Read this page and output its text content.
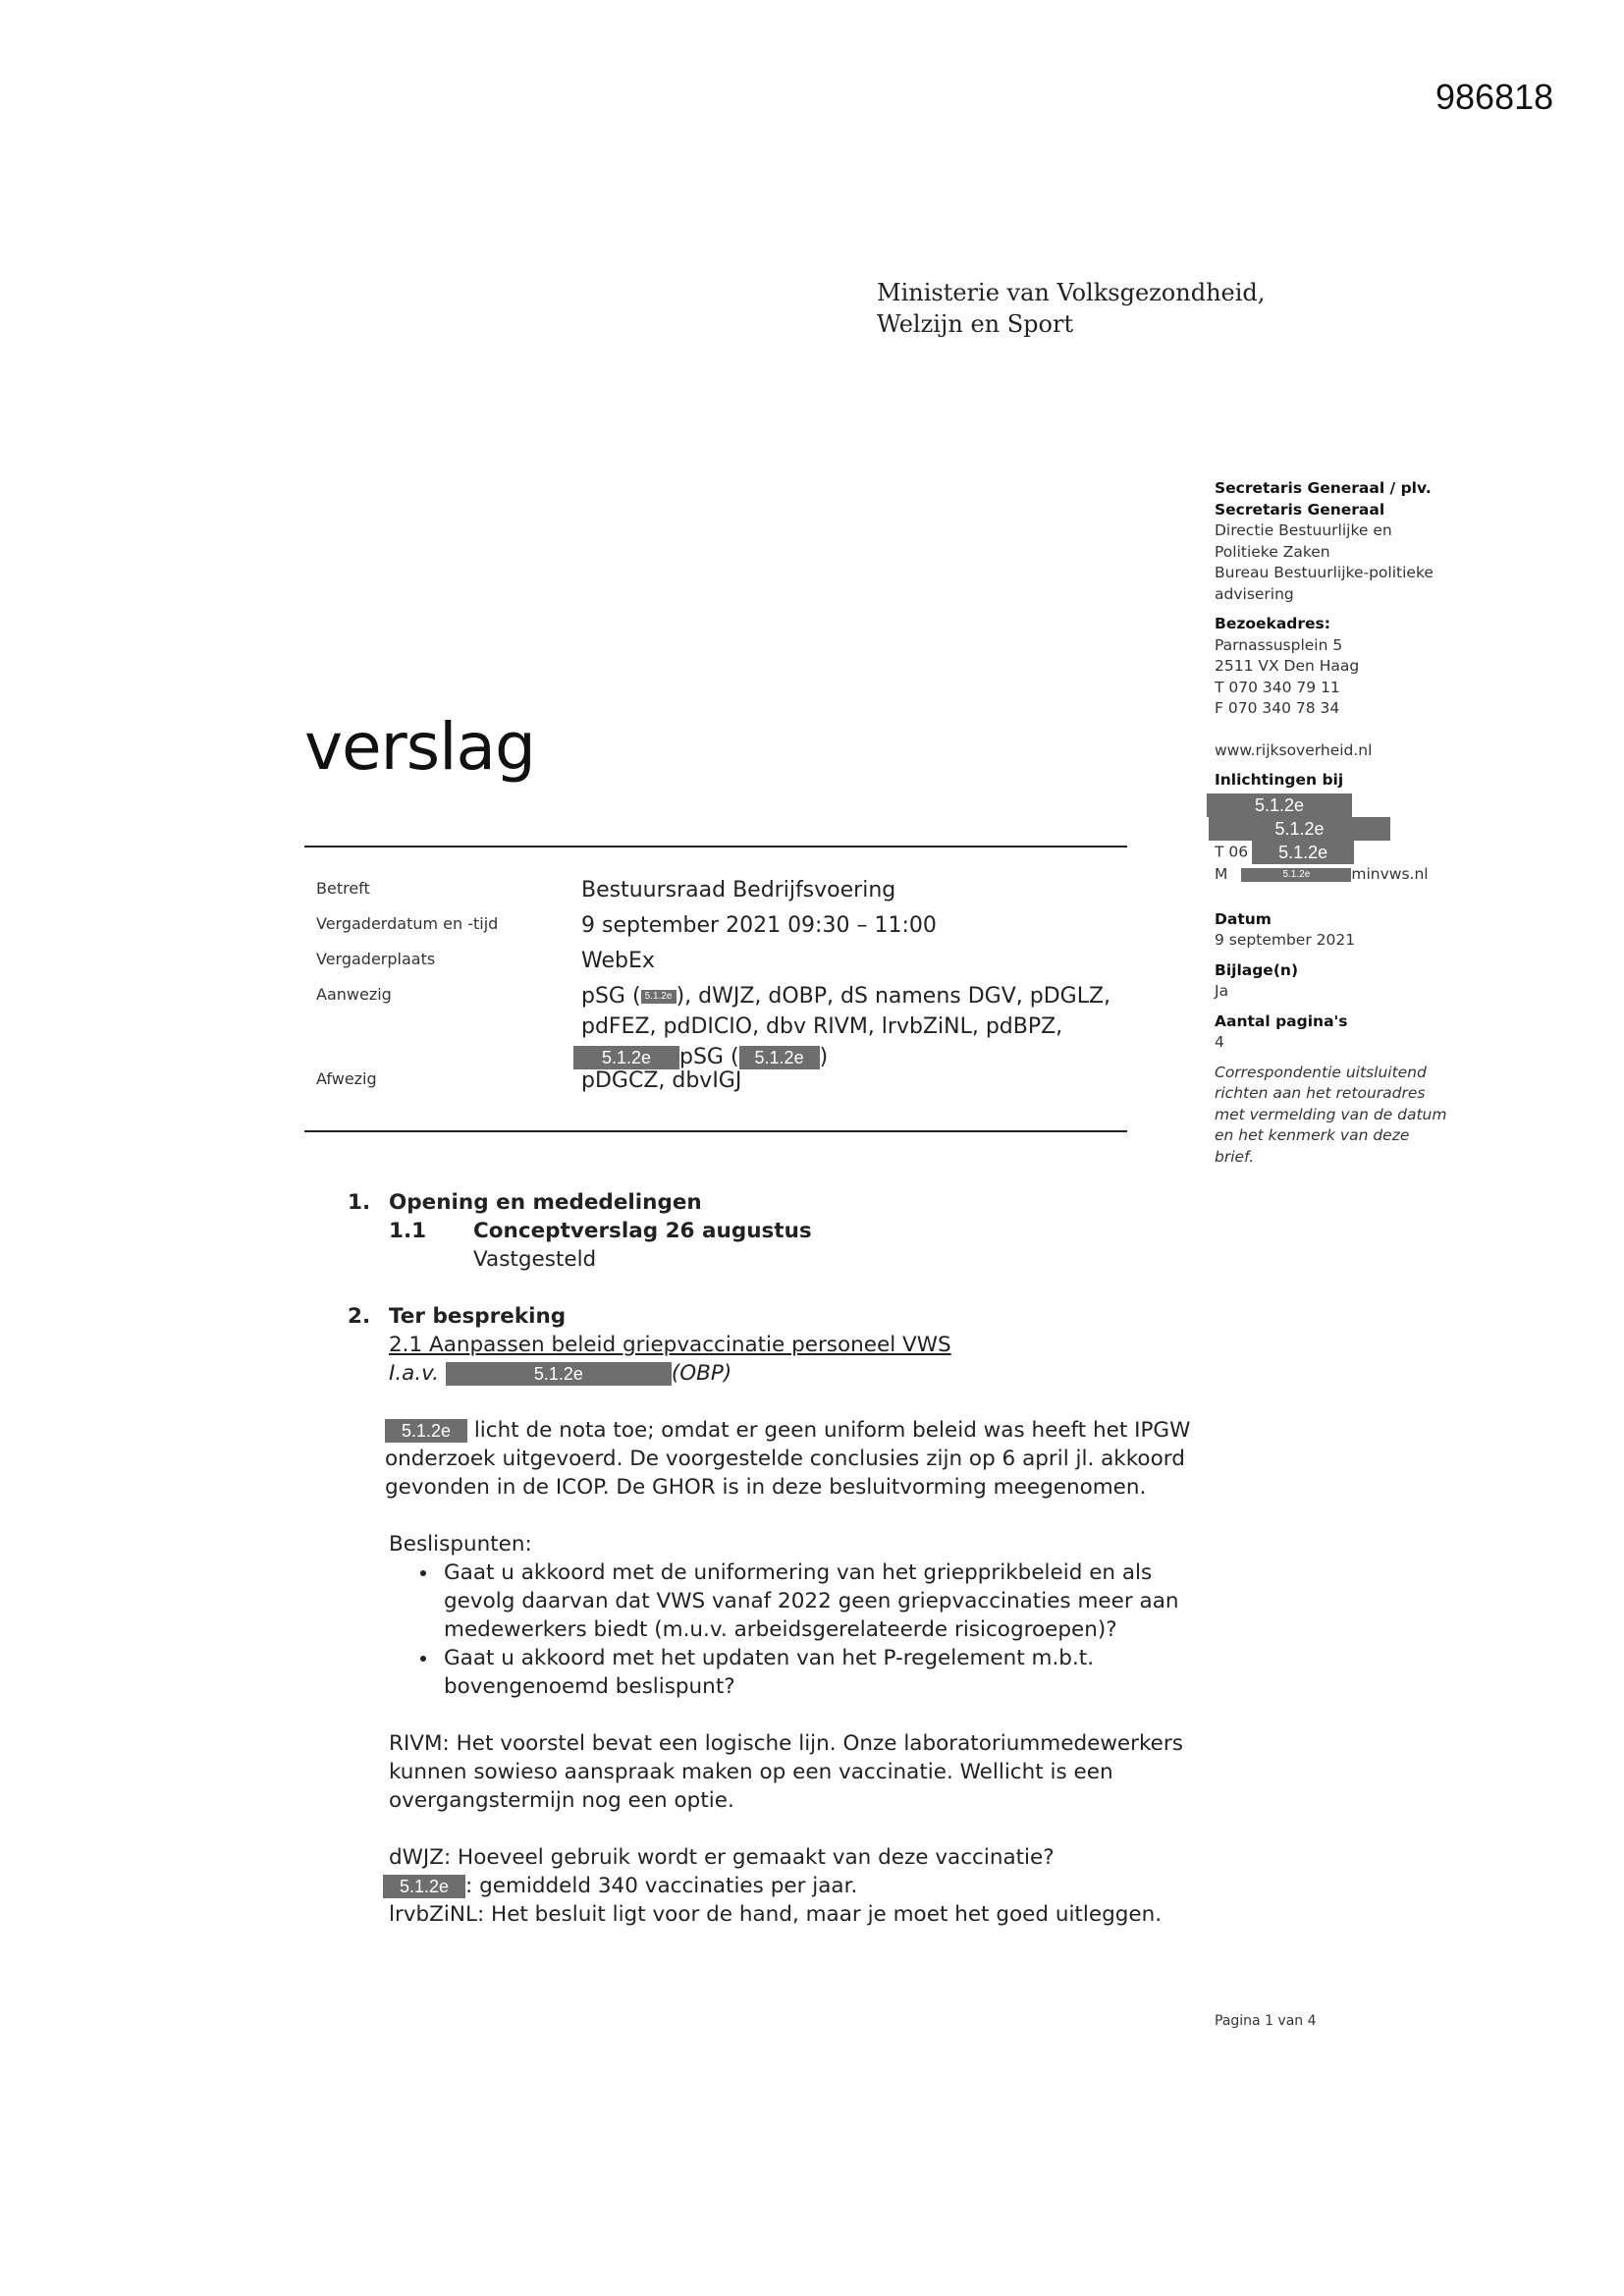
986818
Ministerie van Volksgezondheid,
Welzijn en Sport
verslag
Betreft	Bestuursraad Bedrijfsvoering
Vergaderdatum en -tijd	9 september 2021 09:30 – 11:00
Vergaderplaats	WebEx
Aanwezig	pSG ( 5.1.2e ), dWJZ, dOBP, dS namens DGV, pDGLZ, pdFEZ, pdDICIO, dbv RIVM, lrvbZiNL, pdBPZ,
5.1.2e pSG ( 5.1.2e )
Afwezig	pDGCZ, dbvIGJ
Secretaris Generaal / plv.
Secretaris Generaal
Directie Bestuurlijke en
Politieke Zaken
Bureau Bestuurlijke-politieke
advisering
Bezoekadres:
Parnassusplein 5
2511 VX Den Haag
T 070 340 79 11
F 070 340 78 34
www.rijksoverheid.nl
Inlichtingen bij
5.1.2e
5.1.2e
T 06 5.1.2e
M	5.1.2e	minvws.nl
Datum
9 september 2021
Bijlage(n)
Ja
Aantal pagina's
4
Correspondentie uitsluitend richten aan het retouradres met vermelding van de datum en het kenmerk van deze brief.
1. Opening en mededelingen
1.1 Conceptverslag 26 augustus
Vastgesteld
2. Ter bespreking
2.1 Aanpassen beleid griepvaccinatie personeel VWS
I.a.v.	5.1.2e	(OBP)
5.1.2e licht de nota toe; omdat er geen uniform beleid was heeft het IPGW onderzoek uitgevoerd. De voorgestelde conclusies zijn op 6 april jl. akkoord gevonden in de ICOP. De GHOR is in deze besluitvorming meegenomen.
Beslispunten:
• Gaat u akkoord met de uniformering van het griepprikbeleid en als gevolg daarvan dat VWS vanaf 2022 geen griepvaccinaties meer aan medewerkers biedt (m.u.v. arbeidsgerelateerde risicogroepen)?
• Gaat u akkoord met het updaten van het P-regelement m.b.t. bovengenoemd beslispunt?
RIVM: Het voorstel bevat een logische lijn. Onze laboratoriummedewerkers kunnen sowieso aanspraak maken op een vaccinatie. Wellicht is een overgangstermijn nog een optie.
dWJZ: Hoeveel gebruik wordt er gemaakt van deze vaccinatie?
5.1.2e : gemiddeld 340 vaccinaties per jaar.
lrvbZiNL: Het besluit ligt voor de hand, maar je moet het goed uitleggen.
Pagina 1 van 4
